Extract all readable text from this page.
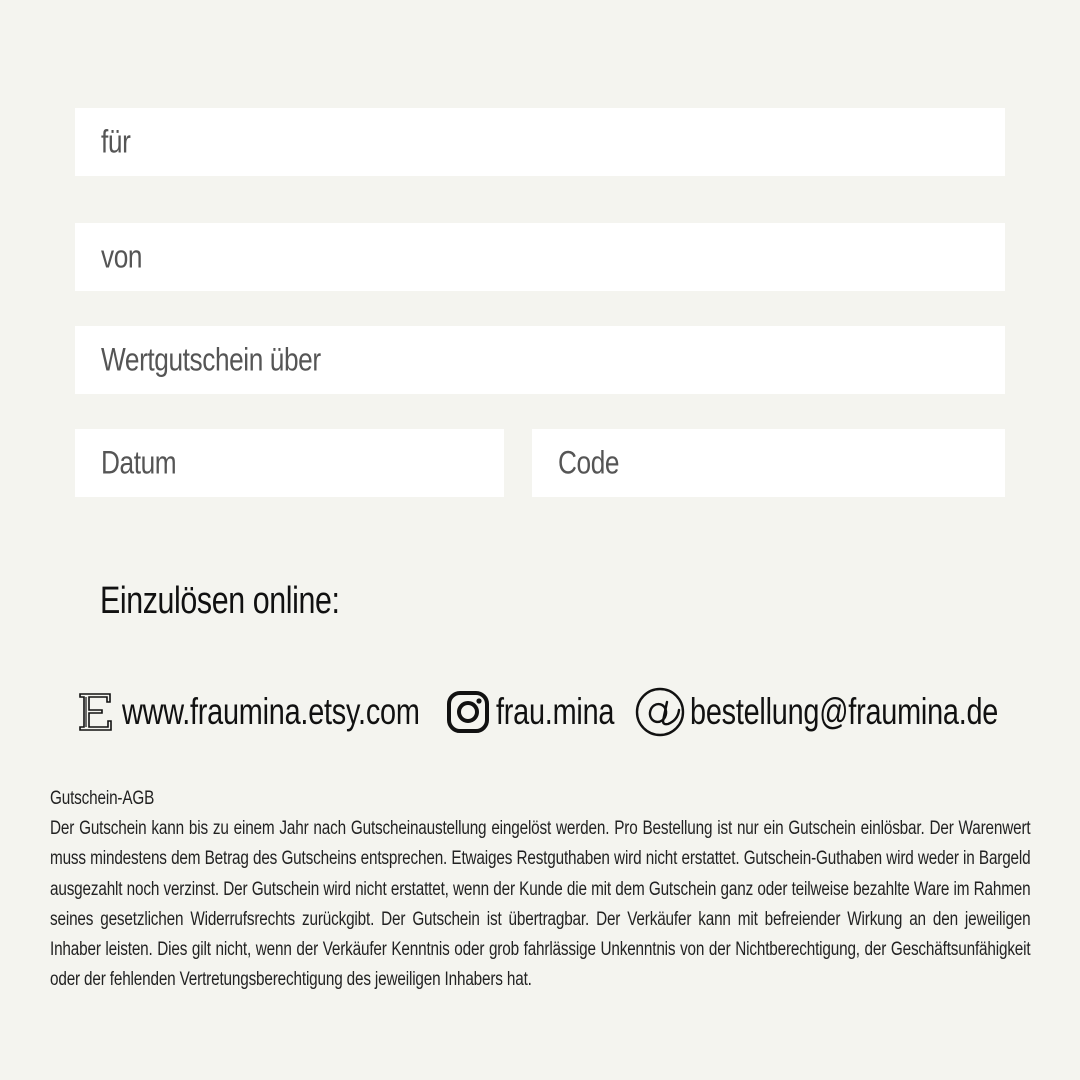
für
von
Wertgutschein über
Datum	Code
Einzulösen online:
www.fraumina.etsy.com frau.mina bestellung@fraumina.de
Gutschein-AGB

Der Gutschein kann bis zu einem Jahr nach Gutscheinaustellung eingelöst werden. Pro Bestellung ist nur ein Gutschein einlösbar. Der Warenwert muss mindestens dem Betrag des Gutscheins entsprechen. Etwaiges Restguthaben wird nicht erstattet. Gutschein-Guthaben wird weder in Bargeld ausgezahlt noch verzinst. Der Gutschein wird nicht erstattet, wenn der Kunde die mit dem Gutschein ganz oder teilweise bezahlte Ware im Rahmen seines gesetzlichen Widerrufsrechts zurückgibt. Der Gutschein ist übertragbar. Der Verkäufer kann mit befreiender Wirkung an den jeweiligen Inhaber leisten. Dies gilt nicht, wenn der Verkäufer Kenntnis oder grob fahrlässige Unkenntnis von der Nichtberechtigung, der Geschäftsunfähigkeit oder der fehlenden Vertretungsberechtigung des jeweiligen Inhabers hat.
